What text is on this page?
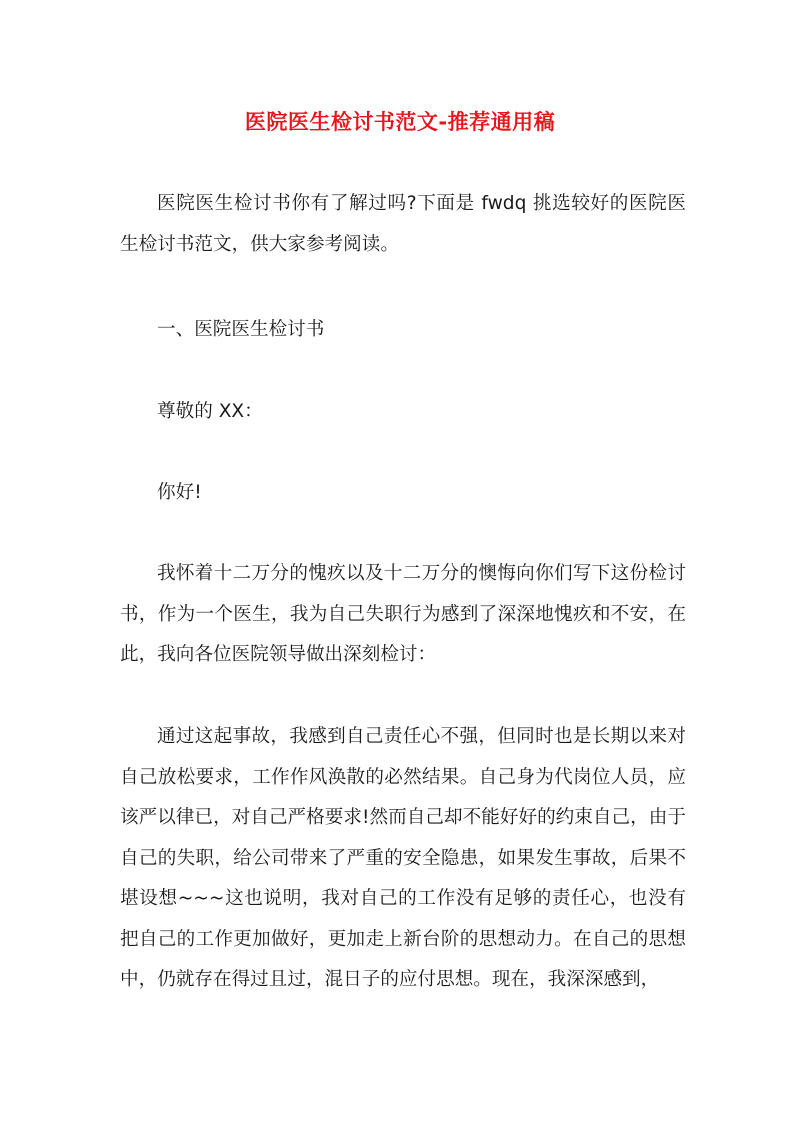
医院医生检讨书范文-推荐通用稿

医院医生检讨书你有了解过吗?下面是 fwdq 挑选较好的医院医生检讨书范文，供大家参考阅读。

一、医院医生检讨书

尊敬的 XX：

你好!

我怀着十二万分的愧疚以及十二万分的懊悔向你们写下这份检讨书，作为一个医生，我为自己失职行为感到了深深地愧疚和不安，在此，我向各位医院领导做出深刻检讨：

通过这起事故，我感到自己责任心不强，但同时也是长期以来对自己放松要求，工作作风涣散的必然结果。自己身为代岗位人员，应该严以律已，对自己严格要求!然而自己却不能好好的约束自己，由于自己的失职，给公司带来了严重的安全隐患，如果发生事故，后果不堪设想~~~这也说明，我对自己的工作没有足够的责任心，也没有把自己的工作更加做好，更加走上新台阶的思想动力。在自己的思想中，仍就存在得过且过，混日子的应付思想。现在，我深深感到，
